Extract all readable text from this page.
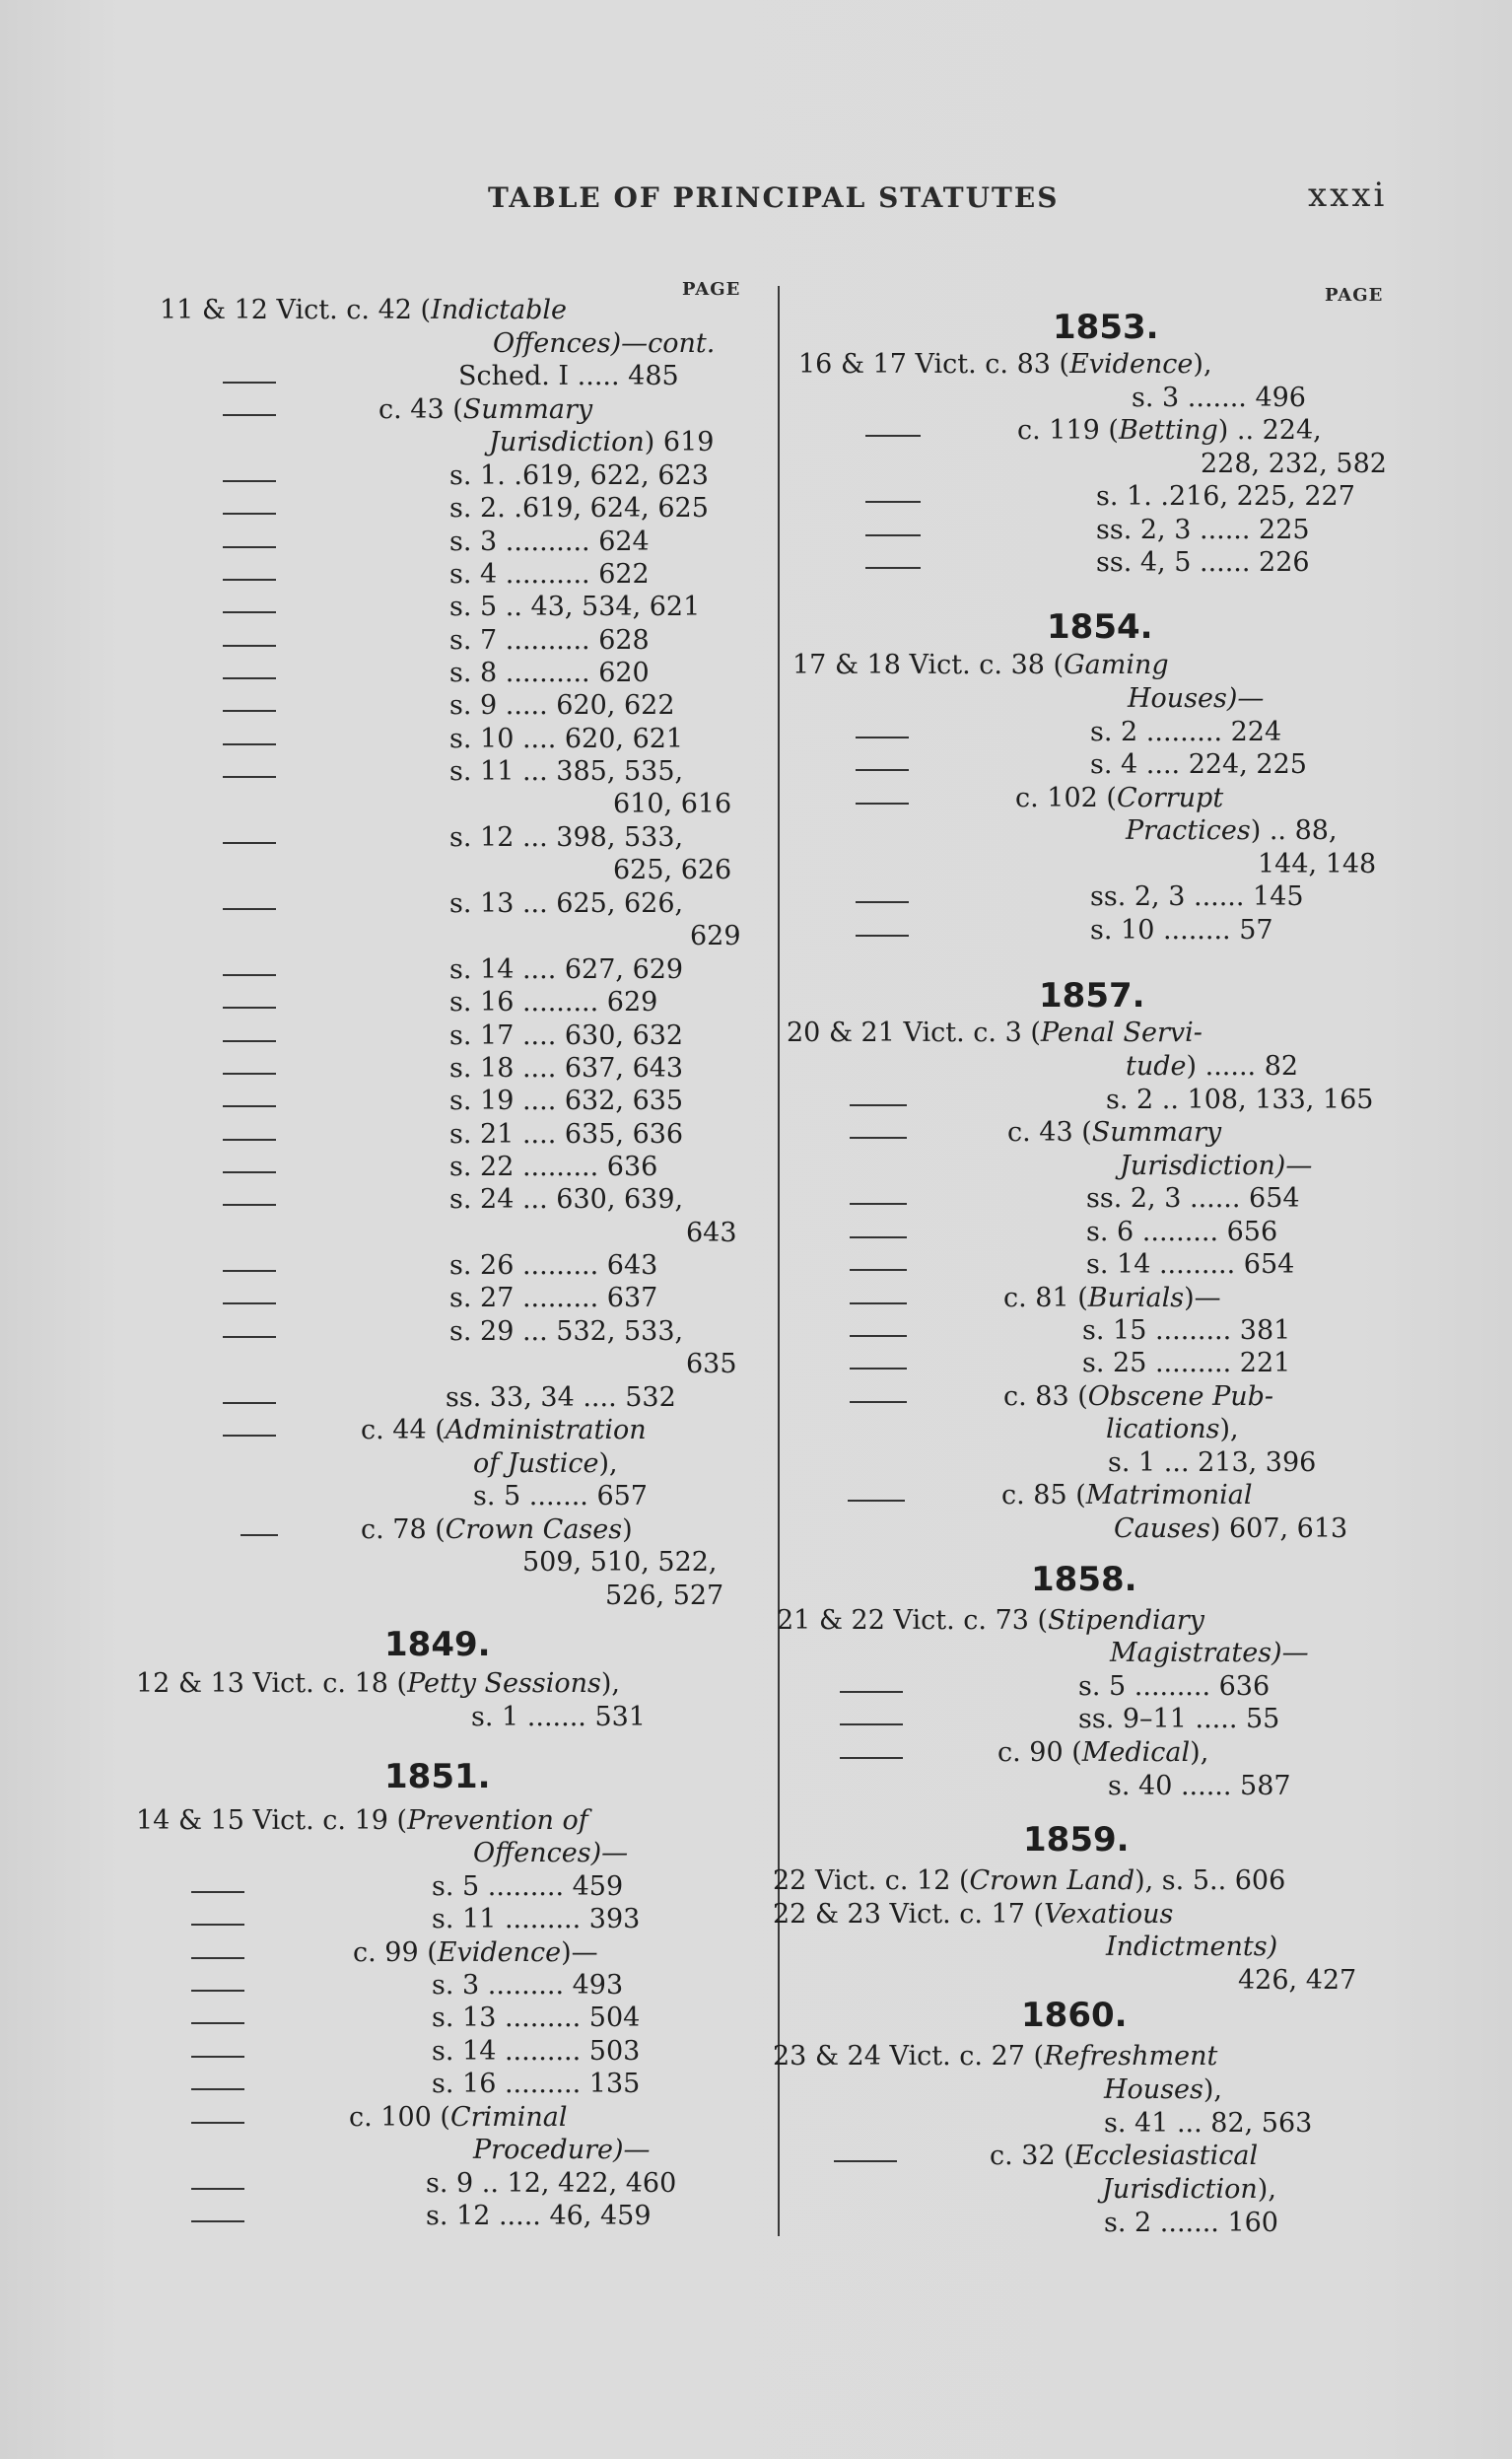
TABLE OF PRINCIPAL STATUTES	xxxi
PAGE	PAGE
11 & 12 Vict. c. 42 (Indictable
Offences)—cont.
Sched. I ..... 485
c. 43 (Summary
Jurisdiction) 619
s. 1. .619, 622, 623
s. 2. .619, 624, 625
s. 3 .......... 624
s. 4 .......... 622
s. 5 .. 43, 534, 621
s. 7 .......... 628
s. 8 .......... 620
s. 9 ..... 620, 622
s. 10 .... 620, 621
s. 11 ... 385, 535,
610, 616
s. 12 ... 398, 533,
625, 626
s. 13 ... 625, 626,
629
s. 14 .... 627, 629
s. 16 ......... 629
s. 17 .... 630, 632
s. 18 .... 637, 643
s. 19 .... 632, 635
s. 21 .... 635, 636
s. 22 ......... 636
s. 24 ... 630, 639,
643
s. 26 ......... 643
s. 27 ......... 637
s. 29 ... 532, 533,
635
ss. 33, 34 .... 532
c. 44 (Administration
of Justice),
s. 5 ....... 657
c. 78 (Crown Cases)
509, 510, 522,
526, 527
1849.
12 & 13 Vict. c. 18 (Petty Sessions),
s. 1 ....... 531
1851.
14 & 15 Vict. c. 19 (Prevention of
Offences)—
s. 5 ......... 459
s. 11 ......... 393
c. 99 (Evidence)—
s. 3 ......... 493
s. 13 ......... 504
s. 14 ......... 503
s. 16 ......... 135
c. 100 (Criminal
Procedure)—
s. 9 .. 12, 422, 460
s. 12 ..... 46, 459
1853.
16 & 17 Vict. c. 83 (Evidence),
s. 3 ....... 496
c. 119 (Betting) .. 224,
228, 232, 582
s. 1. .216, 225, 227
ss. 2, 3 ...... 225
ss. 4, 5 ...... 226
1854.
17 & 18 Vict. c. 38 (Gaming
Houses)—
s. 2 ......... 224
s. 4 .... 224, 225
c. 102 (Corrupt
Practices) .. 88,
144, 148
ss. 2, 3 ...... 145
s. 10 ........ 57
1857.
20 & 21 Vict. c. 3 (Penal Servi-
tude) ...... 82
s. 2 .. 108, 133, 165
c. 43 (Summary
Jurisdiction)—
ss. 2, 3 ...... 654
s. 6 ......... 656
s. 14 ......... 654
c. 81 (Burials)—
s. 15 ......... 381
s. 25 ......... 221
c. 83 (Obscene Pub-
lications),
s. 1 ... 213, 396
c. 85 (Matrimonial
Causes) 607, 613
1858.
21 & 22 Vict. c. 73 (Stipendiary
Magistrates)—
s. 5 ......... 636
ss. 9–11 ..... 55
c. 90 (Medical),
s. 40 ...... 587
1859.
22 Vict. c. 12 (Crown Land), s. 5.. 606
22 & 23 Vict. c. 17 (Vexatious
Indictments)
426, 427
1860.
23 & 24 Vict. c. 27 (Refreshment
Houses),
s. 41 ... 82, 563
c. 32 (Ecclesiastical
Jurisdiction),
s. 2 ....... 160
